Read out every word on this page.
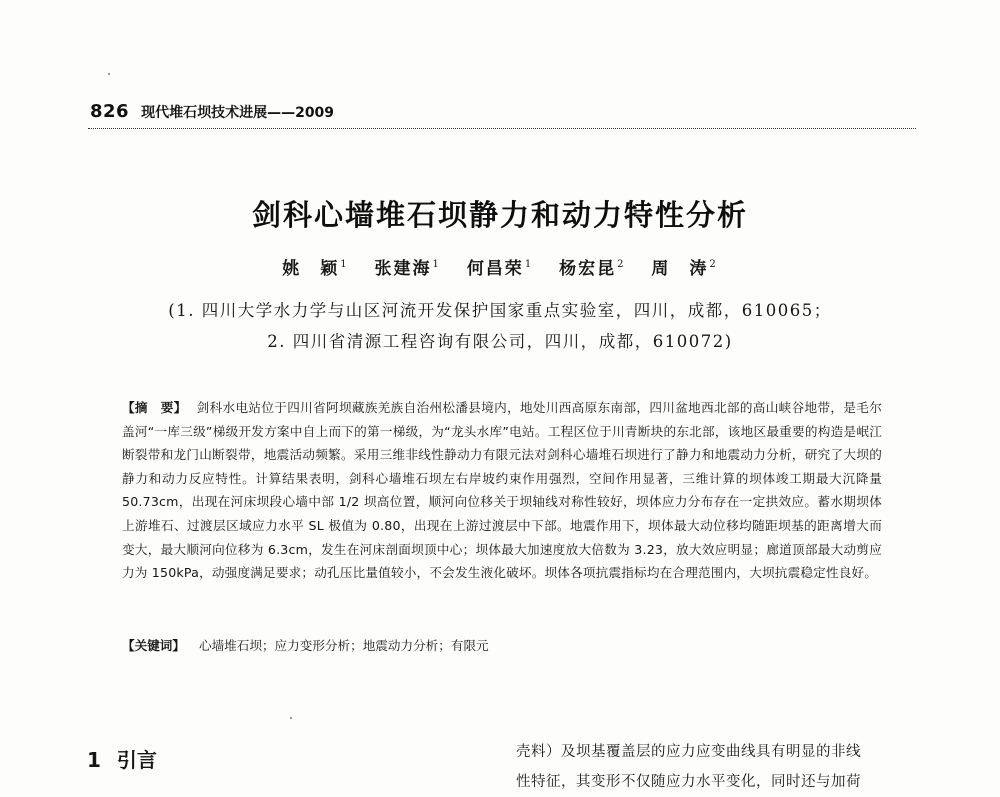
826 现代堆石坝技术进展——2009
剑科心墙堆石坝静力和动力特性分析
姚　颖$^1$ 张建海$^1$ 何昌荣$^1$ 杨宏昆$^2$ 周　涛$^2$
(1. 四川大学水力学与山区河流开发保护国家重点实验室，四川，成都，610065；
2. 四川省清源工程咨询有限公司，四川，成都，610072)
【摘　要】 剑科水电站位于四川省阿坝藏族羌族自治州松潘县境内，地处川西高原东南部，四川盆地西北部的高山峡谷地带，是毛尔盖河“一库三级”梯级开发方案中自上而下的第一梯级，为“龙头水库”电站。工程区位于川青断块的东北部，该地区最重要的构造是岷江断裂带和龙门山断裂带，地震活动频繁。采用三维非线性静动力有限元法对剑科心墙堆石坝进行了静力和地震动力分析，研究了大坝的静力和动力反应特性。计算结果表明，剑科心墙堆石坝左右岸坡约束作用强烈，空间作用显著，三维计算的坝体竣工期最大沉降量 50.73cm，出现在河床坝段心墙中部 1/2 坝高位置，顺河向位移关于坝轴线对称性较好，坝体应力分布存在一定拱效应。蓄水期坝体上游堆石、过渡层区域应力水平 SL 极值为 0.80，出现在上游过渡层中下部。地震作用下，坝体最大动位移均随距坝基的距离增大而变大，最大顺河向位移为 6.3cm，发生在河床剖面坝顶中心；坝体最大加速度放大倍数为 3.23，放大效应明显；廊道顶部最大动剪应力为 150kPa，动强度满足要求；动孔压比量值较小，不会发生液化破坏。坝体各项抗震指标均在合理范围内，大坝抗震稳定性良好。
【关键词】 心墙堆石坝；应力变形分析；地震动力分析；有限元
1 引言	壳料）及坝基覆盖层的应力应变曲线具有明显的非线
性特征，其变形不仅随应力水平变化，同时还与加荷
